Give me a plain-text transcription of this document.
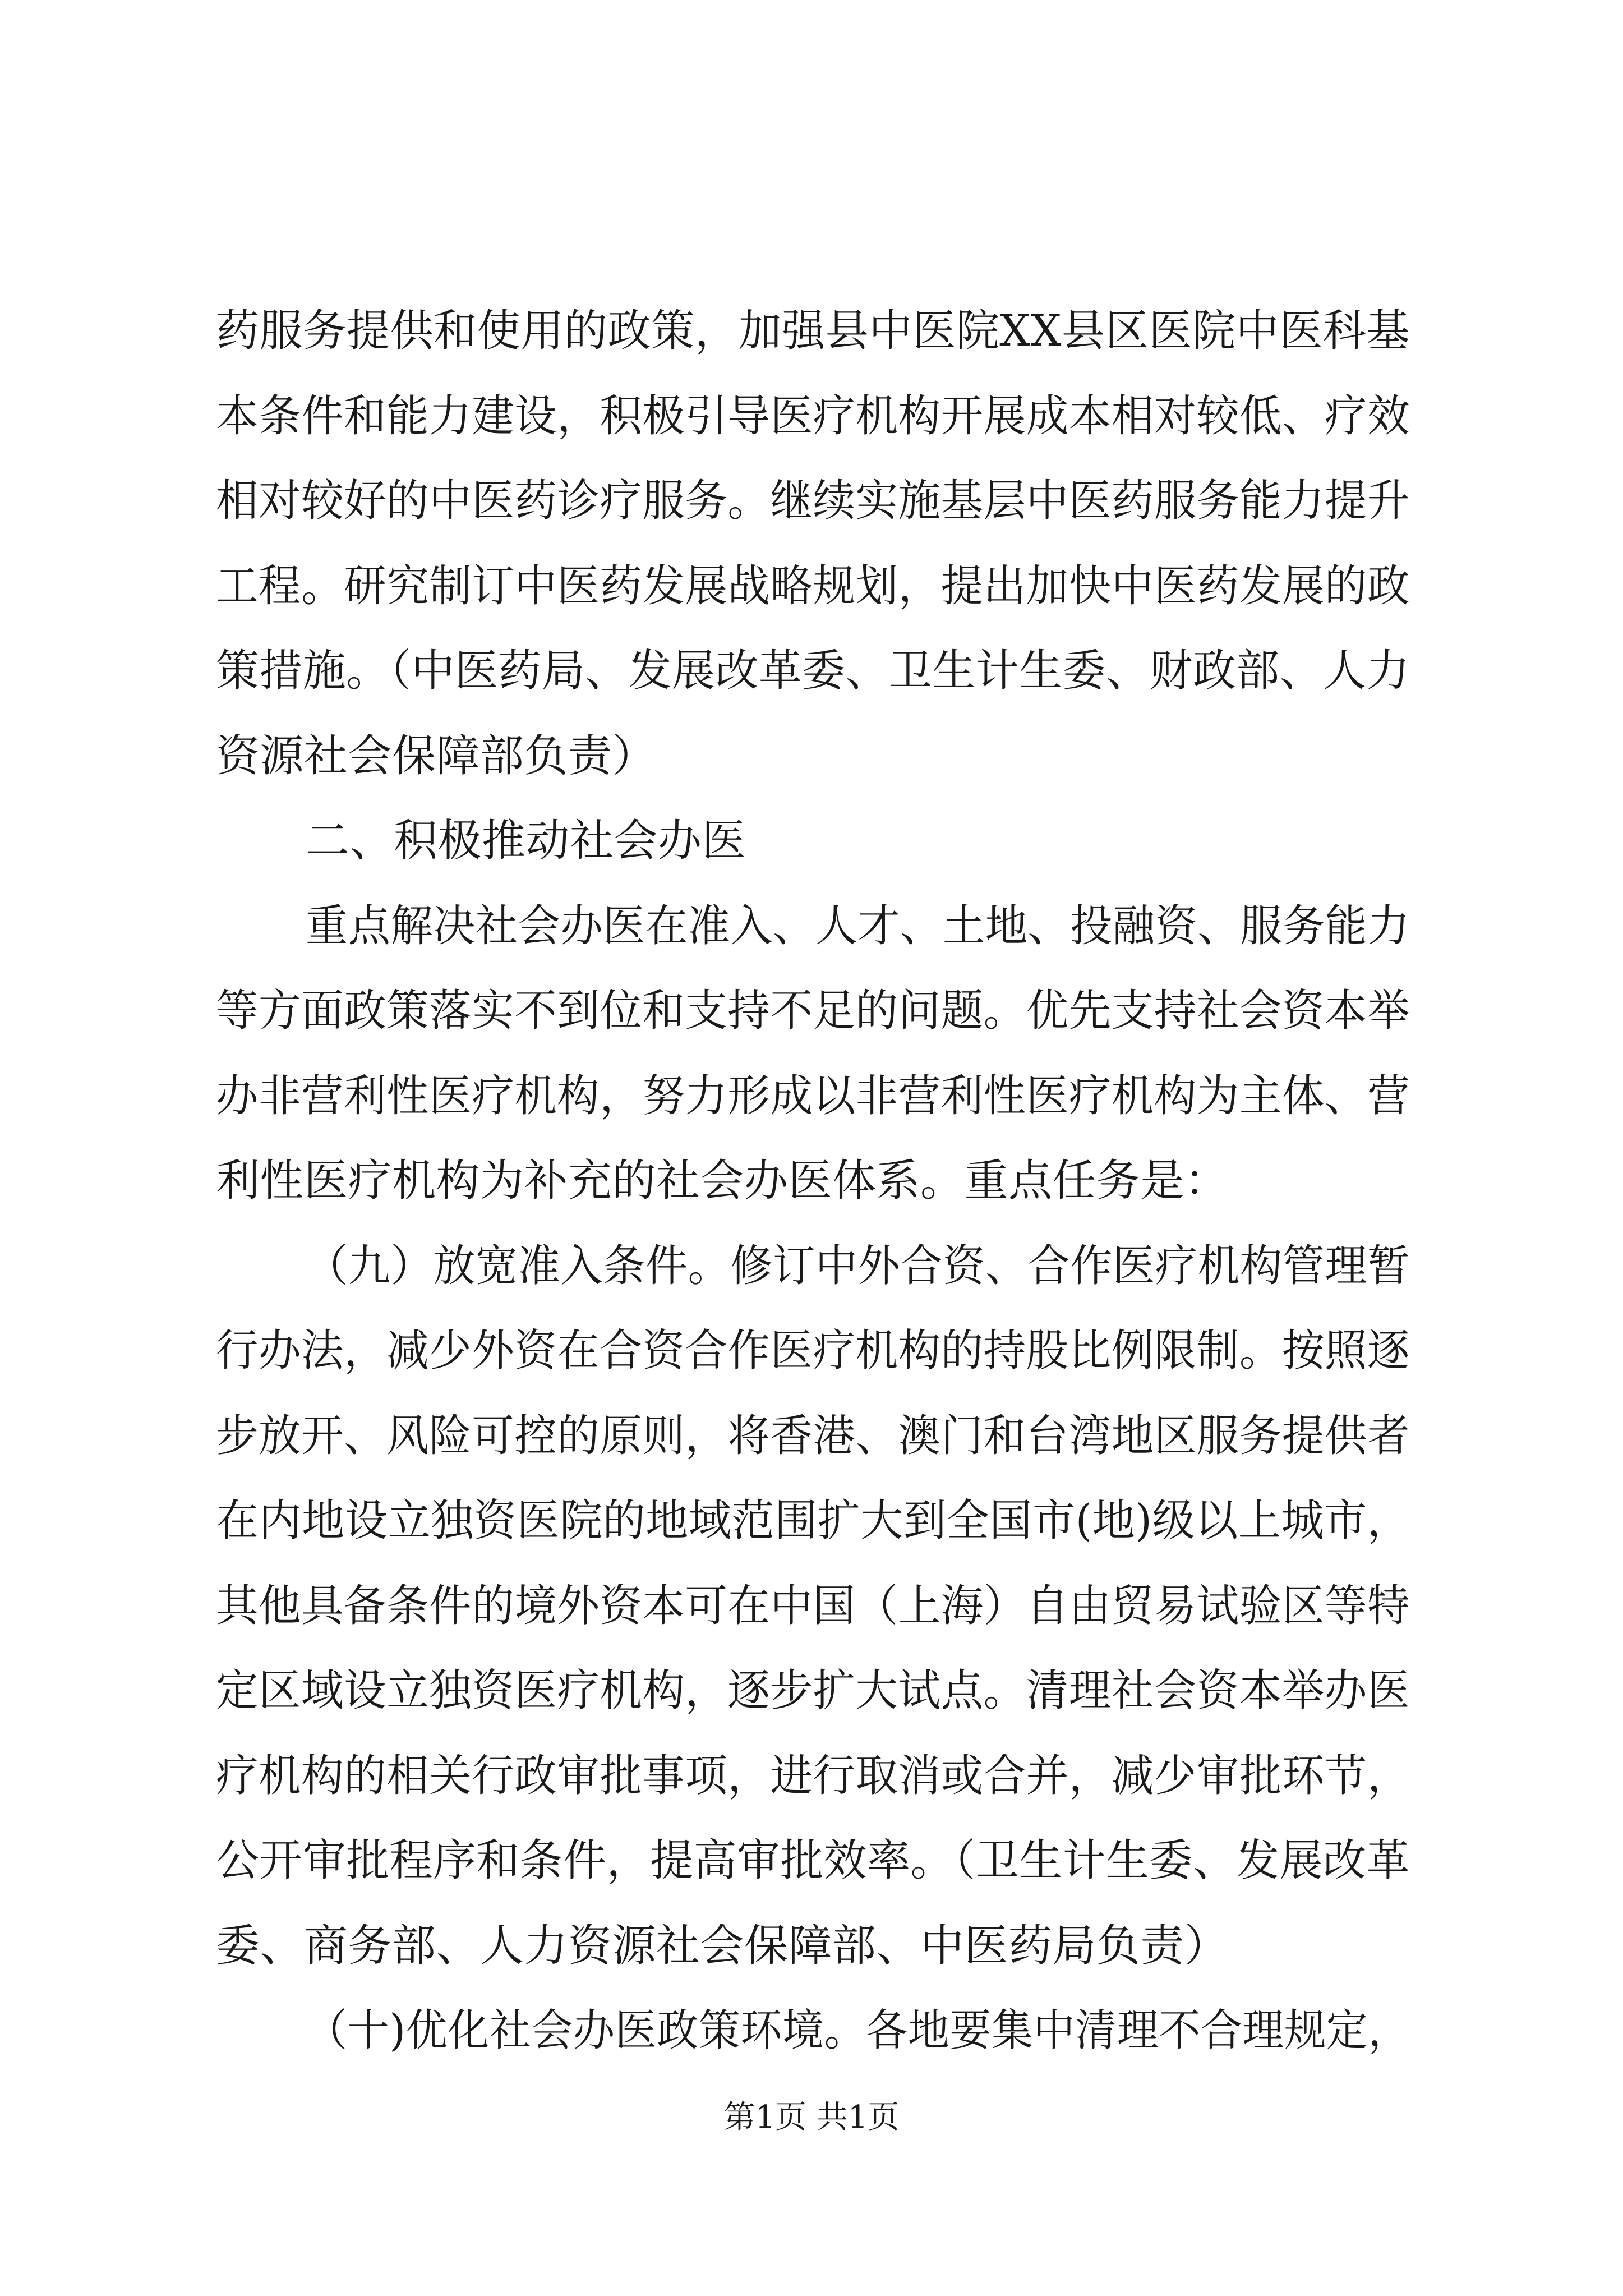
药服务提供和使用的政策，加强县中医院XX县区医院中医科基
本条件和能力建设，积极引导医疗机构开展成本相对较低、疗效
相对较好的中医药诊疗服务。继续实施基层中医药服务能力提升
工程。研究制订中医药发展战略规划，提出加快中医药发展的政
策措施。（中医药局、发展改革委、卫生计生委、财政部、人力
资源社会保障部负责）
二、积极推动社会办医
重点解决社会办医在准入、人才、土地、投融资、服务能力
等方面政策落实不到位和支持不足的问题。优先支持社会资本举
办非营利性医疗机构，努力形成以非营利性医疗机构为主体、营
利性医疗机构为补充的社会办医体系。重点任务是：
（九）放宽准入条件。修订中外合资、合作医疗机构管理暂
行办法，减少外资在合资合作医疗机构的持股比例限制。按照逐
步放开、风险可控的原则，将香港、澳门和台湾地区服务提供者
在内地设立独资医院的地域范围扩大到全国市(地)级以上城市，
其他具备条件的境外资本可在中国（上海）自由贸易试验区等特
定区域设立独资医疗机构，逐步扩大试点。清理社会资本举办医
疗机构的相关行政审批事项，进行取消或合并，减少审批环节，
公开审批程序和条件，提高审批效率。（卫生计生委、发展改革
委、商务部、人力资源社会保障部、中医药局负责）
（十)优化社会办医政策环境。各地要集中清理不合理规定，
第1页 共1页
